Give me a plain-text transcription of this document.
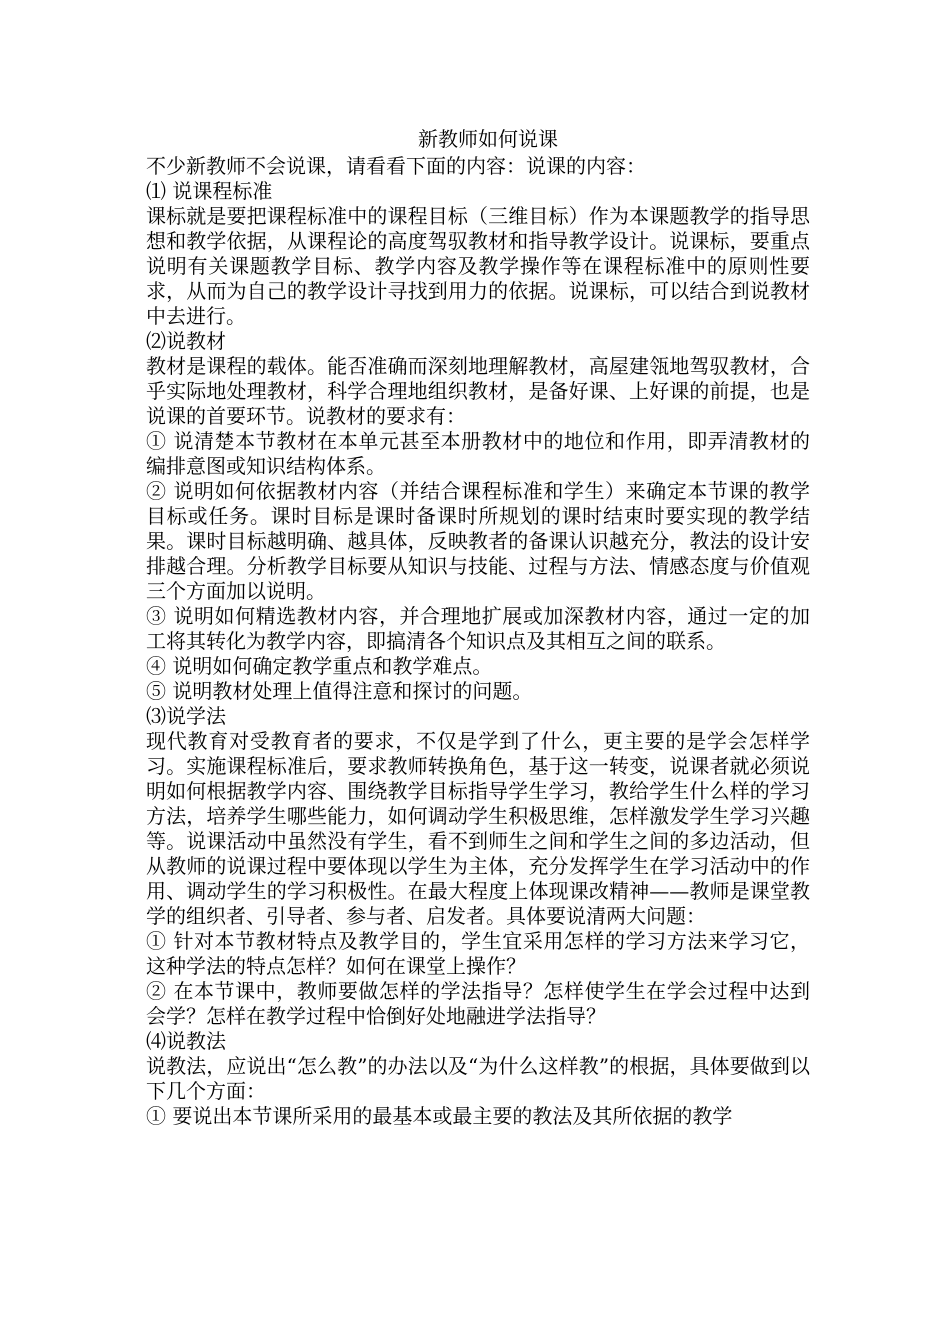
新教师如何说课
不少新教师不会说课，请看看下面的内容：说课的内容：
⑴ 说课程标准
课标就是要把课程标准中的课程目标（三维目标）作为本课题教学的指导思想和教学依据，从课程论的高度驾驭教材和指导教学设计。说课标，要重点说明有关课题教学目标、教学内容及教学操作等在课程标准中的原则性要求，从而为自己的教学设计寻找到用力的依据。说课标，可以结合到说教材中去进行。
⑵说教材
教材是课程的载体。能否准确而深刻地理解教材，高屋建瓴地驾驭教材，合乎实际地处理教材，科学合理地组织教材，是备好课、上好课的前提，也是说课的首要环节。说教材的要求有：
① 说清楚本节教材在本单元甚至本册教材中的地位和作用，即弄清教材的编排意图或知识结构体系。
② 说明如何依据教材内容（并结合课程标准和学生）来确定本节课的教学目标或任务。课时目标是课时备课时所规划的课时结束时要实现的教学结果。课时目标越明确、越具体，反映教者的备课认识越充分，教法的设计安排越合理。分析教学目标要从知识与技能、过程与方法、情感态度与价值观三个方面加以说明。
③ 说明如何精选教材内容，并合理地扩展或加深教材内容，通过一定的加工将其转化为教学内容，即搞清各个知识点及其相互之间的联系。
④ 说明如何确定教学重点和教学难点。
⑤ 说明教材处理上值得注意和探讨的问题。
⑶说学法
现代教育对受教育者的要求，不仅是学到了什么，更主要的是学会怎样学习。实施课程标准后，要求教师转换角色，基于这一转变，说课者就必须说明如何根据教学内容、围绕教学目标指导学生学习，教给学生什么样的学习方法，培养学生哪些能力，如何调动学生积极思维，怎样激发学生学习兴趣等。说课活动中虽然没有学生，看不到师生之间和学生之间的多边活动，但从教师的说课过程中要体现以学生为主体，充分发挥学生在学习活动中的作用、调动学生的学习积极性。在最大程度上体现课改精神——教师是课堂教学的组织者、引导者、参与者、启发者。具体要说清两大问题：
① 针对本节教材特点及教学目的，学生宜采用怎样的学习方法来学习它，这种学法的特点怎样？如何在课堂上操作？
② 在本节课中，教师要做怎样的学法指导？怎样使学生在学会过程中达到会学？怎样在教学过程中恰倒好处地融进学法指导？
⑷说教法
说教法，应说出“怎么教”的办法以及“为什么这样教”的根据，具体要做到以下几个方面：
① 要说出本节课所采用的最基本或最主要的教法及其所依据的教学
